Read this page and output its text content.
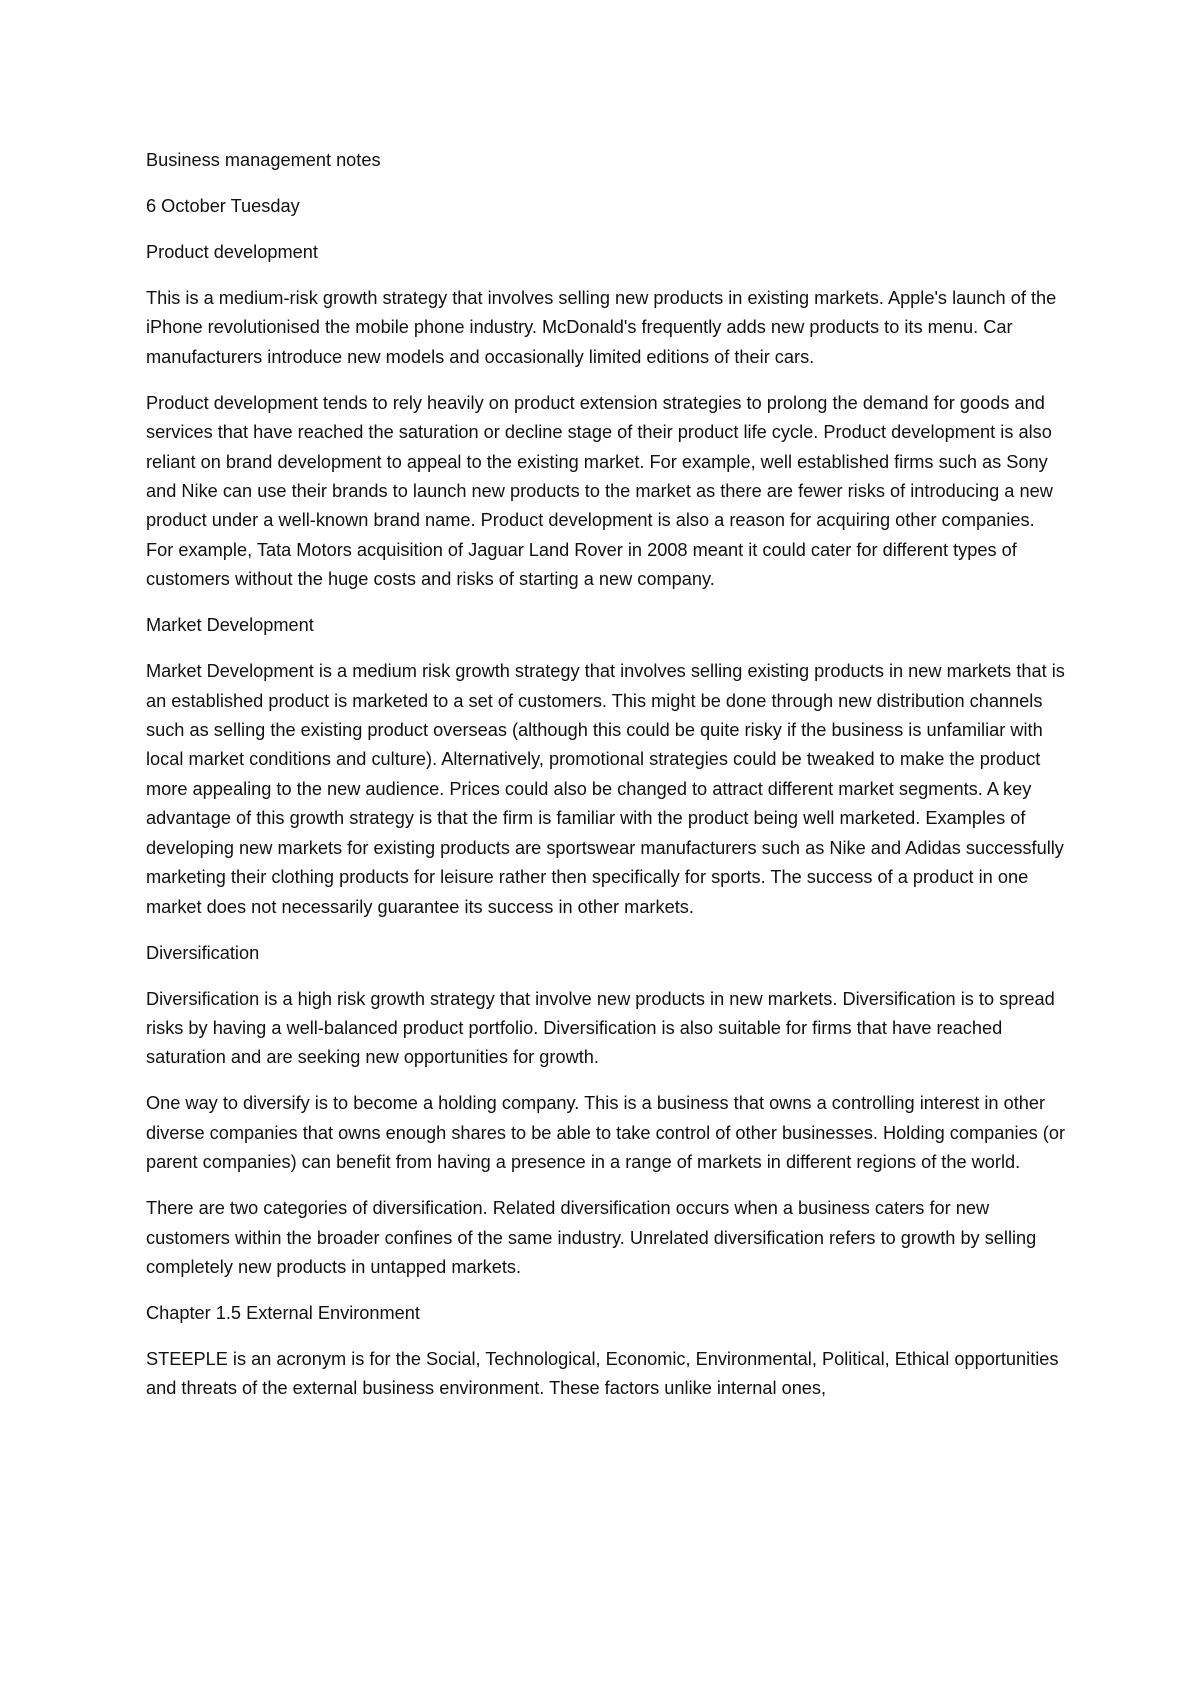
Business management notes

6 October Tuesday

Product development

This is a medium-risk growth strategy that involves selling new products in existing markets. Apple's launch of the iPhone revolutionised the mobile phone industry. McDonald's frequently adds new products to its menu. Car manufacturers introduce new models and occasionally limited editions of their cars.

Product development tends to rely heavily on product extension strategies to prolong the demand for goods and services that have reached the saturation or decline stage of their product life cycle. Product development is also reliant on brand development to appeal to the existing market. For example, well established firms such as Sony and Nike can use their brands to launch new products to the market as there are fewer risks of introducing a new product under a well-known brand name. Product development is also a reason for acquiring other companies. For example, Tata Motors acquisition of Jaguar Land Rover in 2008 meant it could cater for different types of customers without the huge costs and risks of starting a new company.

Market Development

Market Development is a medium risk growth strategy that involves selling existing products in new markets that is an established product is marketed to a set of customers. This might be done through new distribution channels such as selling the existing product overseas (although this could be quite risky if the business is unfamiliar with local market conditions and culture). Alternatively, promotional strategies could be tweaked to make the product more appealing to the new audience. Prices could also be changed to attract different market segments. A key advantage of this growth strategy is that the firm is familiar with the product being well marketed. Examples of developing new markets for existing products are sportswear manufacturers such as Nike and Adidas successfully marketing their clothing products for leisure rather then specifically for sports. The success of a product in one market does not necessarily guarantee its success in other markets.

Diversification

Diversification is a high risk growth strategy that involve new products in new markets. Diversification is to spread risks by having a well-balanced product portfolio. Diversification is also suitable for firms that have reached saturation and are seeking new opportunities for growth.

One way to diversify is to become a holding company. This is a business that owns a controlling interest in other diverse companies that owns enough shares to be able to take control of other businesses. Holding companies (or parent companies) can benefit from having a presence in a range of markets in different regions of the world.

There are two categories of diversification. Related diversification occurs when a business caters for new customers within the broader confines of the same industry. Unrelated diversification refers to growth by selling completely new products in untapped markets.

Chapter 1.5 External Environment

STEEPLE is an acronym is for the Social, Technological, Economic, Environmental, Political, Ethical opportunities and threats of the external business environment. These factors unlike internal ones,
